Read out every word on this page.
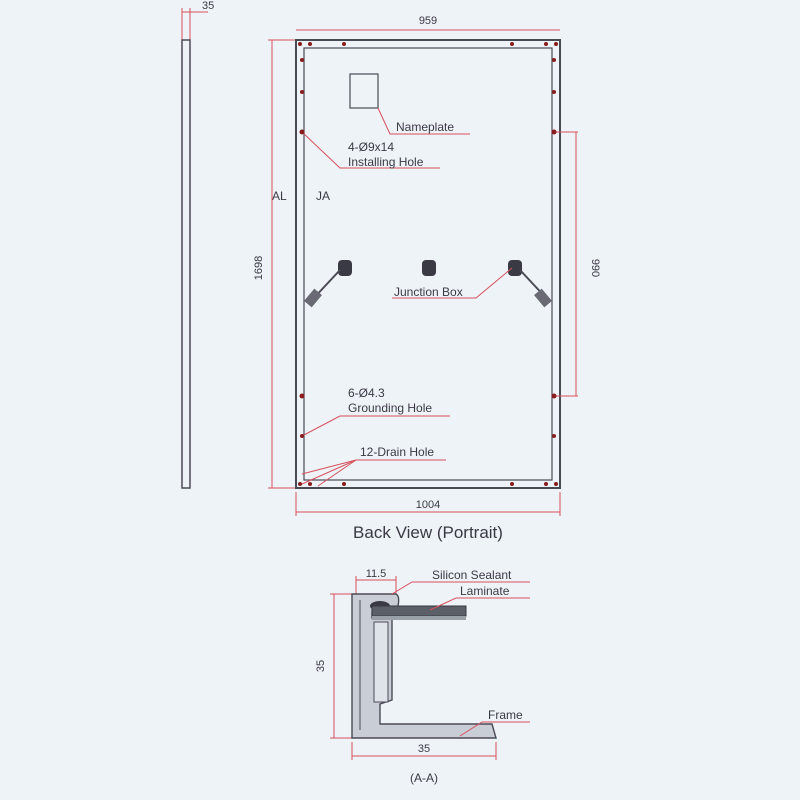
35
AL JA
959
1698
Nameplate
4-Ø9x14
Installing Hole
990
Junction Box
6-Ø4.3
Grounding Hole
12-Drain Hole
1004
Back View (Portrait)
11.5
35
Silicon Sealant
Laminate
Frame
35
(A-A)
